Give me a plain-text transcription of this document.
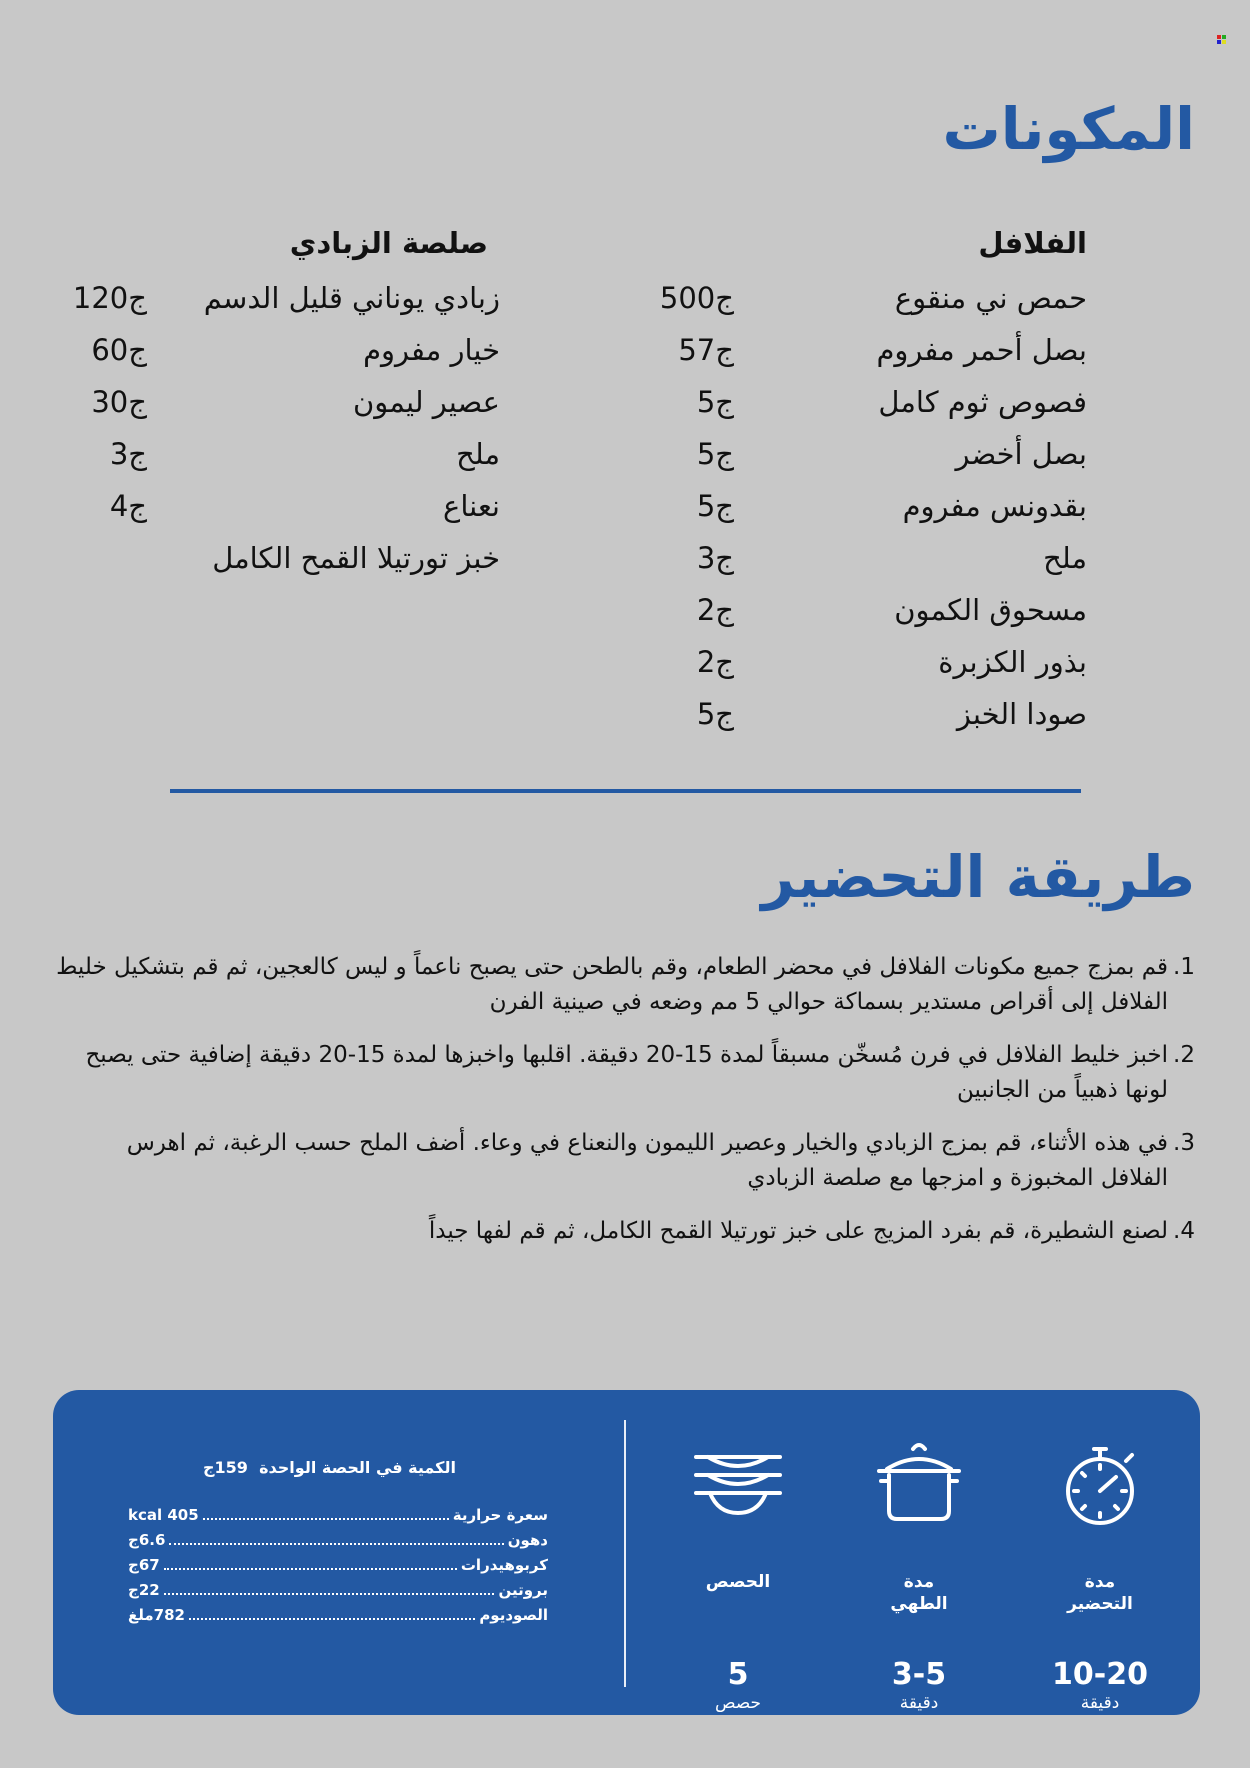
المكونات
الفلافل
حمص ني منقوع
500ج
بصل أحمر مفروم
57ج
فصوص ثوم كامل
5ج
بصل أخضر
5ج
بقدونس مفروم
5ج
ملح
3ج
مسحوق الكمون
2ج
بذور الكزبرة
2ج
صودا الخبز
5ج
صلصة الزبادي
زبادي يوناني قليل الدسم
120ج
خيار مفروم
60ج
عصير ليمون
30ج
ملح
3ج
نعناع
4ج
خبز تورتيلا القمح الكامل
طريقة التحضير
1.
قم بمزج جميع مكونات الفلافل في محضر الطعام، وقم بالطحن حتى يصبح ناعماً و ليس كالعجين، ثم قم بتشكيل خليط الفلافل إلى أقراص مستدير بسماكة حوالي 5 مم وضعه في صينية الفرن
2.
اخبز خليط الفلافل في فرن مُسخّن مسبقاً لمدة 15-20 دقيقة. اقلبها واخبزها لمدة 15-20 دقيقة إضافية حتى يصبح لونها ذهبياً من الجانبين
3.
في هذه الأثناء، قم بمزج الزبادي والخيار وعصير الليمون والنعناع في وعاء. أضف الملح حسب الرغبة، ثم اهرس الفلافل المخبوزة و امزجها مع صلصة الزبادي
4.
لصنع الشطيرة، قم بفرد المزيج على خبز تورتيلا القمح الكامل، ثم قم لفها جيداً
مدة
التحضير
10-20
دقيقة
مدة
الطهي
3-5
دقيقة
الحصص
5
حصص
الكمية في الحصة الواحدة  159ج
سعرة حرارية
kcal 405
دهون
6.6ج
كربوهيدرات
67ج
بروتين
22ج
الصوديوم
782ملغ
